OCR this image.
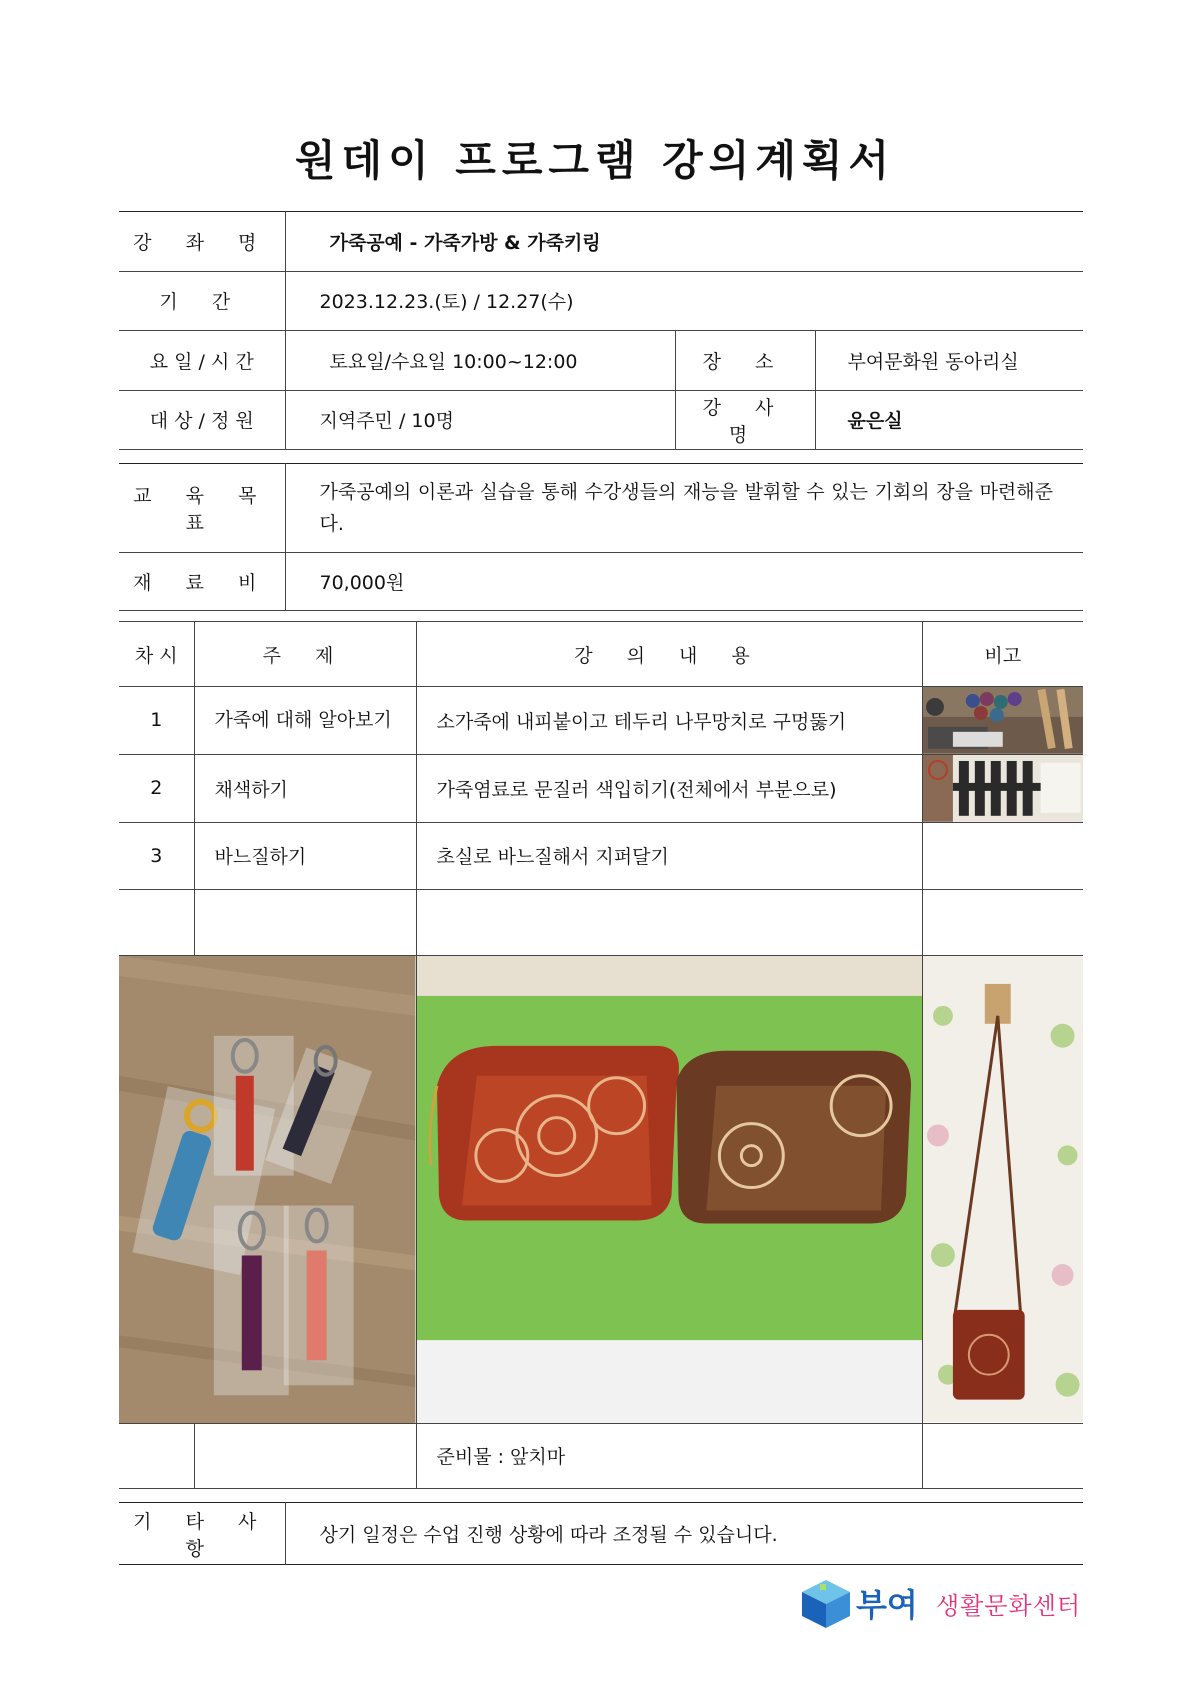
원데이 프로그램 강의계획서
강 좌 명	가죽공예 - 가죽가방 & 가죽키링		
기 간	2023.12.23.(토) / 12.27(수)		
요 일 / 시 간	토요일/수요일 10:00~12:00	장 소	부여문화원 동아리실
대 상 / 정 원	지역주민 / 10명	강 사 명	윤은실
교 육 목 표	가죽공예의 이론과 실습을 통해 수강생들의 재능을 발휘할 수 있는 기회의 장을 마련해준다.
재 료 비	70,000원
차 시	주 제	강 의 내 용	비고
1	가죽에 대해 알아보기	소가죽에 내피붙이고 테두리 나무망치로 구멍뚫기	

2	채색하기	가죽염료로 문질러 색입히기(전체에서 부분으로)	

3	바느질하기	초실로 바느질해서 지퍼달기	

		준비물 : 앞치마	
기 타 사 항	상기 일정은 수업 진행 상황에 따라 조정될 수 있습니다.
부여 생활문화센터
